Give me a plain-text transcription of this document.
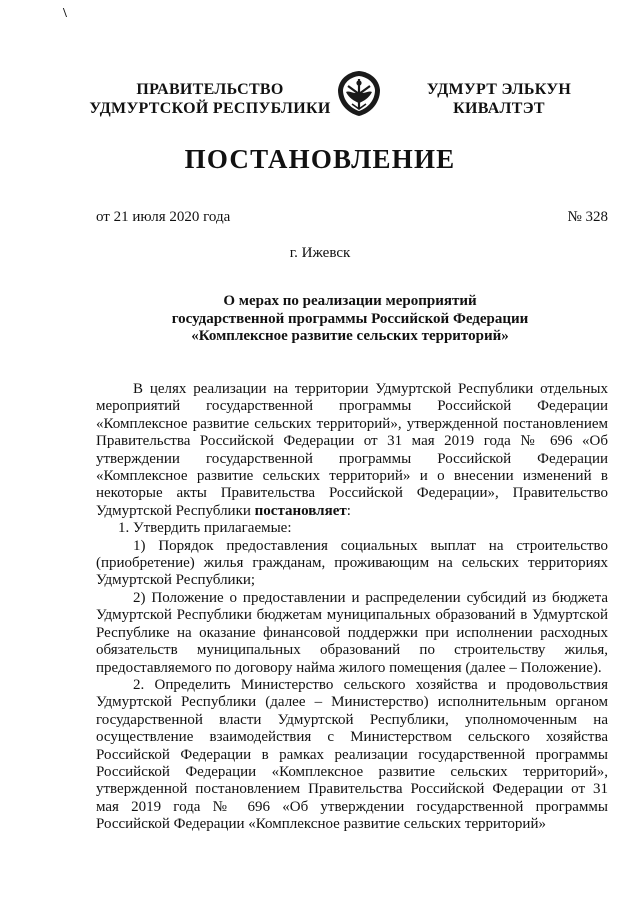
\
ПРАВИТЕЛЬСТВО
УДМУРТСКОЙ РЕСПУБЛИКИ
УДМУРТ ЭЛЬКУН
КИВАЛТЭТ
ПОСТАНОВЛЕНИЕ
от 21 июля 2020 года	№ 328
г. Ижевск
О мерах по реализации мероприятий
государственной программы Российской Федерации
«Комплексное развитие сельских территорий»

В целях реализации на территории Удмуртской Республики отдельных мероприятий государственной программы Российской Федерации «Комплексное развитие сельских территорий», утвержденной постановлением Правительства Российской Федерации от 31 мая 2019 года № 696 «Об утверждении государственной программы Российской Федерации «Комплексное развитие сельских территорий» и о внесении изменений в некоторые акты Правительства Российской Федерации», Правительство Удмуртской Республики постановляет:

1. Утвердить прилагаемые:

1) Порядок предоставления социальных выплат на строительство (приобретение) жилья гражданам, проживающим на сельских территориях Удмуртской Республики;

2) Положение о предоставлении и распределении субсидий из бюджета Удмуртской Республики бюджетам муниципальных образований в Удмуртской Республике на оказание финансовой поддержки при исполнении расходных обязательств муниципальных образований по строительству жилья, предоставляемого по договору найма жилого помещения (далее – Положение).

2. Определить Министерство сельского хозяйства и продовольствия Удмуртской Республики (далее – Министерство) исполнительным органом государственной власти Удмуртской Республики, уполномоченным на осуществление взаимодействия с Министерством сельского хозяйства Российской Федерации в рамках реализации государственной программы Российской Федерации «Комплексное развитие сельских территорий», утвержденной постановлением Правительства Российской Федерации от 31 мая 2019 года № 696 «Об утверждении государственной программы Российской Федерации «Комплексное развитие сельских территорий»
